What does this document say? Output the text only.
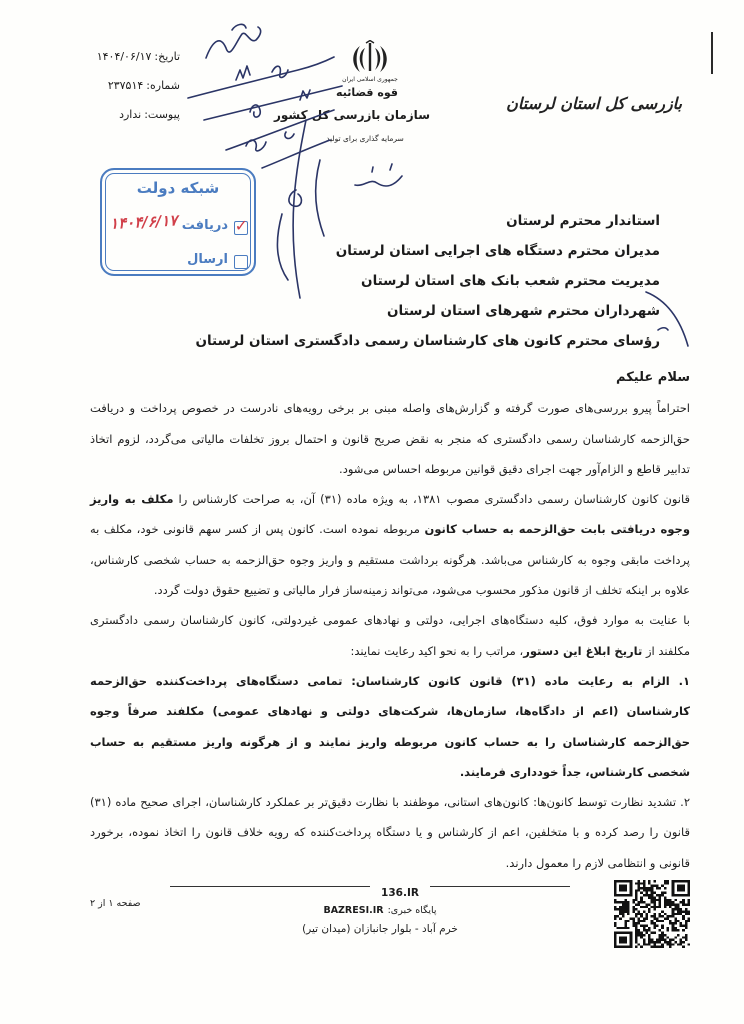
تاریخ:۱۴۰۴/۰۶/۱۷
شماره:۲۳۷۵۱۴
پیوست:ندارد
جمهوری اسلامی ایران
قوه قضائیه
سازمان بازرسی کل کشور
سرمایه گذاری برای تولید
بازرسی کل استان لرستان
شبکه دولت
✓
دریافت
۱۴۰۴/۶/۱۷
ارسال
استاندار محترم لرستان
مدیران محترم دستگاه های اجرایی استان لرستان
مدیریت محترم شعب بانک های استان لرستان
شهرداران محترم شهرهای استان لرستان
رؤسای محترم کانون های کارشناسان رسمی دادگستری استان لرستان

سلام علیکم

احتراماً پیرو بررسی‌های صورت گرفته و گزارش‌های واصله مبنی بر برخی رویه‌های نادرست در خصوص پرداخت و دریافت حق‌الزحمه کارشناسان رسمی دادگستری که منجر به نقض صریح قانون و احتمال بروز تخلفات مالیاتی می‌گردد، لزوم اتخاذ تدابیر قاطع و الزام‌آور جهت اجرای دقیق قوانین مربوطه احساس می‌شود.

قانون کانون کارشناسان رسمی دادگستری مصوب ۱۳۸۱، به ویژه ماده (۳۱) آن، به صراحت کارشناس را مکلف به واریز وجوه دریافتی بابت حق‌الزحمه به حساب کانون مربوطه نموده است. کانون پس از کسر سهم قانونی خود، مکلف به پرداخت مابقی وجوه به کارشناس می‌باشد. هرگونه برداشت مستقیم و واریز وجوه حق‌الزحمه به حساب شخصی کارشناس، علاوه بر اینکه تخلف از قانون مذکور محسوب می‌شود، می‌تواند زمینه‌ساز فرار مالیاتی و تضییع حقوق دولت گردد.

با عنایت به موارد فوق، کلیه دستگاه‌های اجرایی، دولتی و نهادهای عمومی غیردولتی، کانون کارشناسان رسمی دادگستری مکلفند از تاریخ ابلاغ این دستور، مراتب را به نحو اکید رعایت نمایند:

۱. الزام به رعایت ماده (۳۱) قانون کانون کارشناسان: تمامی دستگاه‌های پرداخت‌کننده حق‌الزحمه کارشناسان (اعم از دادگاه‌ها، سازمان‌ها، شرکت‌های دولتی و نهادهای عمومی) مکلفند صرفاً وجوه حق‌الزحمه کارشناسان را به حساب کانون مربوطه واریز نمایند و از هرگونه واریز مستقیم به حساب شخصی کارشناس، جداً خودداری فرمایند.

۲. تشدید نظارت توسط کانون‌ها: کانون‌های استانی، موظفند با نظارت دقیق‌تر بر عملکرد کارشناسان، اجرای صحیح ماده (۳۱) قانون را رصد کرده و با متخلفین، اعم از کارشناس و یا دستگاه پرداخت‌کننده که رویه خلاف قانون را اتخاذ نموده، برخورد قانونی و انتظامی لازم را معمول دارند.

136.IR
صفحه ۱ از ۲
پایگاه خبری:BAZRESI.IR
خرم آباد - بلوار جانبازان (میدان تیر)
